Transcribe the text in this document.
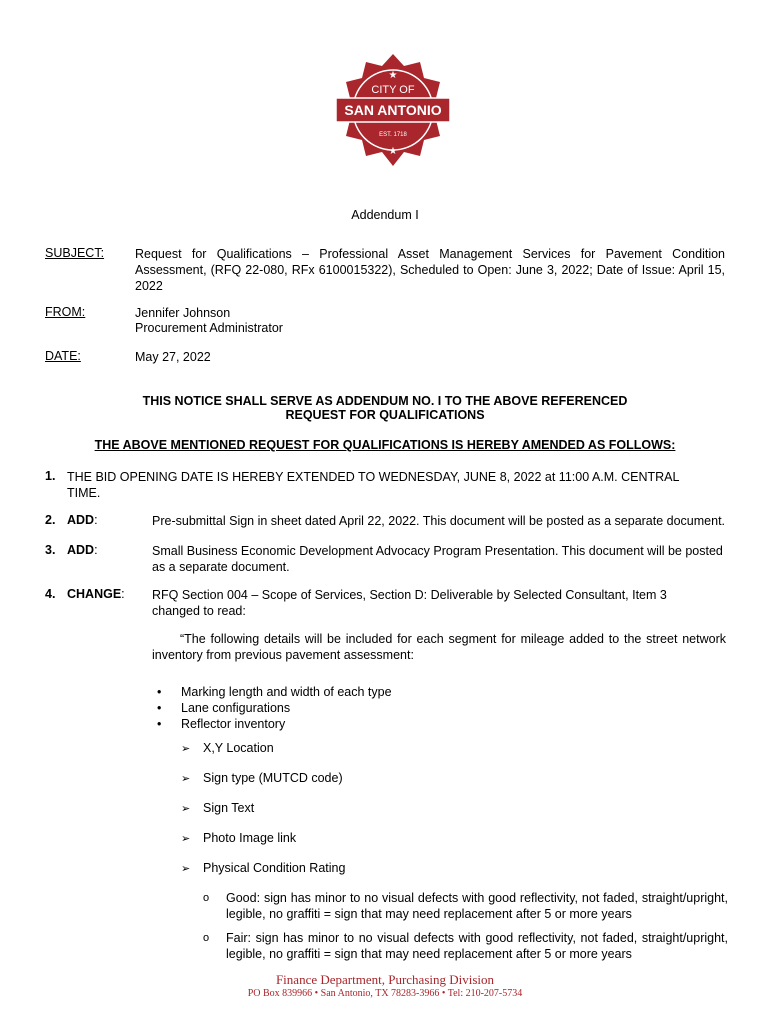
★
★
CITY OF
SAN ANTONIO
EST. 1718
Addendum I
SUBJECT: Request for Qualifications – Professional Asset Management Services for Pavement Condition Assessment, (RFQ 22-080, RFx 6100015322), Scheduled to Open: June 3, 2022; Date of Issue: April 15, 2022
FROM:	Jennifer Johnson
Procurement Administrator
DATE:	May 27, 2022
THIS NOTICE SHALL SERVE AS ADDENDUM NO. I TO THE ABOVE REFERENCED
REQUEST FOR QUALIFICATIONS
THE ABOVE MENTIONED REQUEST FOR QUALIFICATIONS IS HEREBY AMENDED AS FOLLOWS:
1. THE BID OPENING DATE IS HEREBY EXTENDED TO WEDNESDAY, JUNE 8, 2022 at 11:00 A.M. CENTRAL TIME.
2. ADD:	Pre-submittal Sign in sheet dated April 22, 2022. This document will be posted as a separate document.
3. ADD:	Small Business Economic Development Advocacy Program Presentation. This document will be posted as a separate document.
4. CHANGE: RFQ Section 004 – Scope of Services, Section D: Deliverable by Selected Consultant, Item 3 changed to read:
“The following details will be included for each segment for mileage added to the street network inventory from previous pavement assessment:
• Marking length and width of each type
• Lane configurations
• Reflector inventory
➢ X,Y Location
➢ Sign type (MUTCD code)
➢ Sign Text
➢ Photo Image link
➢ Physical Condition Rating
o Good: sign has minor to no visual defects with good reflectivity, not faded, straight/upright, legible, no graffiti = sign that may need replacement after 5 or more years
o Fair: sign has minor to no visual defects with good reflectivity, not faded, straight/upright, legible, no graffiti = sign that may need replacement after 5 or more years
Finance Department, Purchasing Division
PO Box 839966 • San Antonio, TX 78283-3966 • Tel: 210-207-5734
